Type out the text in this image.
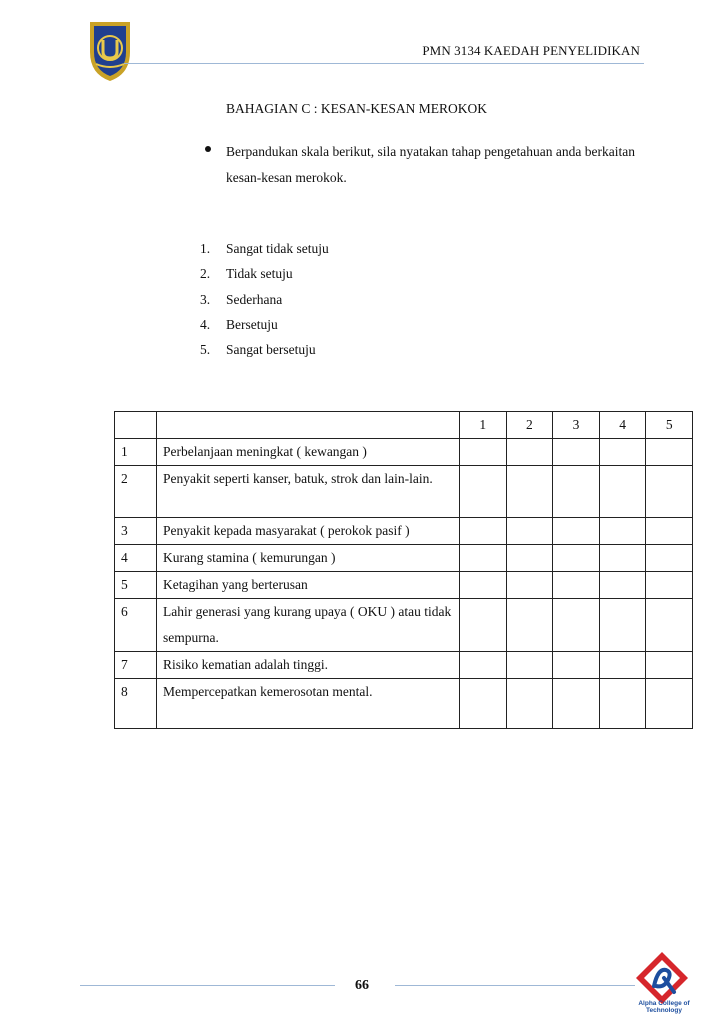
PMN 3134 KAEDAH PENYELIDIKAN
BAHAGIAN C : KESAN-KESAN MEROKOK
Berpandukan skala berikut, sila nyatakan tahap pengetahuan anda berkaitan kesan-kesan merokok.
1. Sangat tidak setuju
2. Tidak setuju
3. Sederhana
4. Bersetuju
5. Sangat bersetuju
		1	2	3	4	5
1	Perbelanjaan meningkat ( kewangan )					
2	Penyakit seperti kanser, batuk, strok dan lain-lain.					
3	Penyakit kepada masyarakat ( perokok pasif )					
4	Kurang stamina ( kemurungan )					
5	Ketagihan yang berterusan					
6	Lahir generasi yang kurang upaya ( OKU ) atau tidak sempurna.					
7	Risiko kematian adalah tinggi.					
8	Mempercepatkan kemerosotan mental.					
66
Alpha College of Technology
